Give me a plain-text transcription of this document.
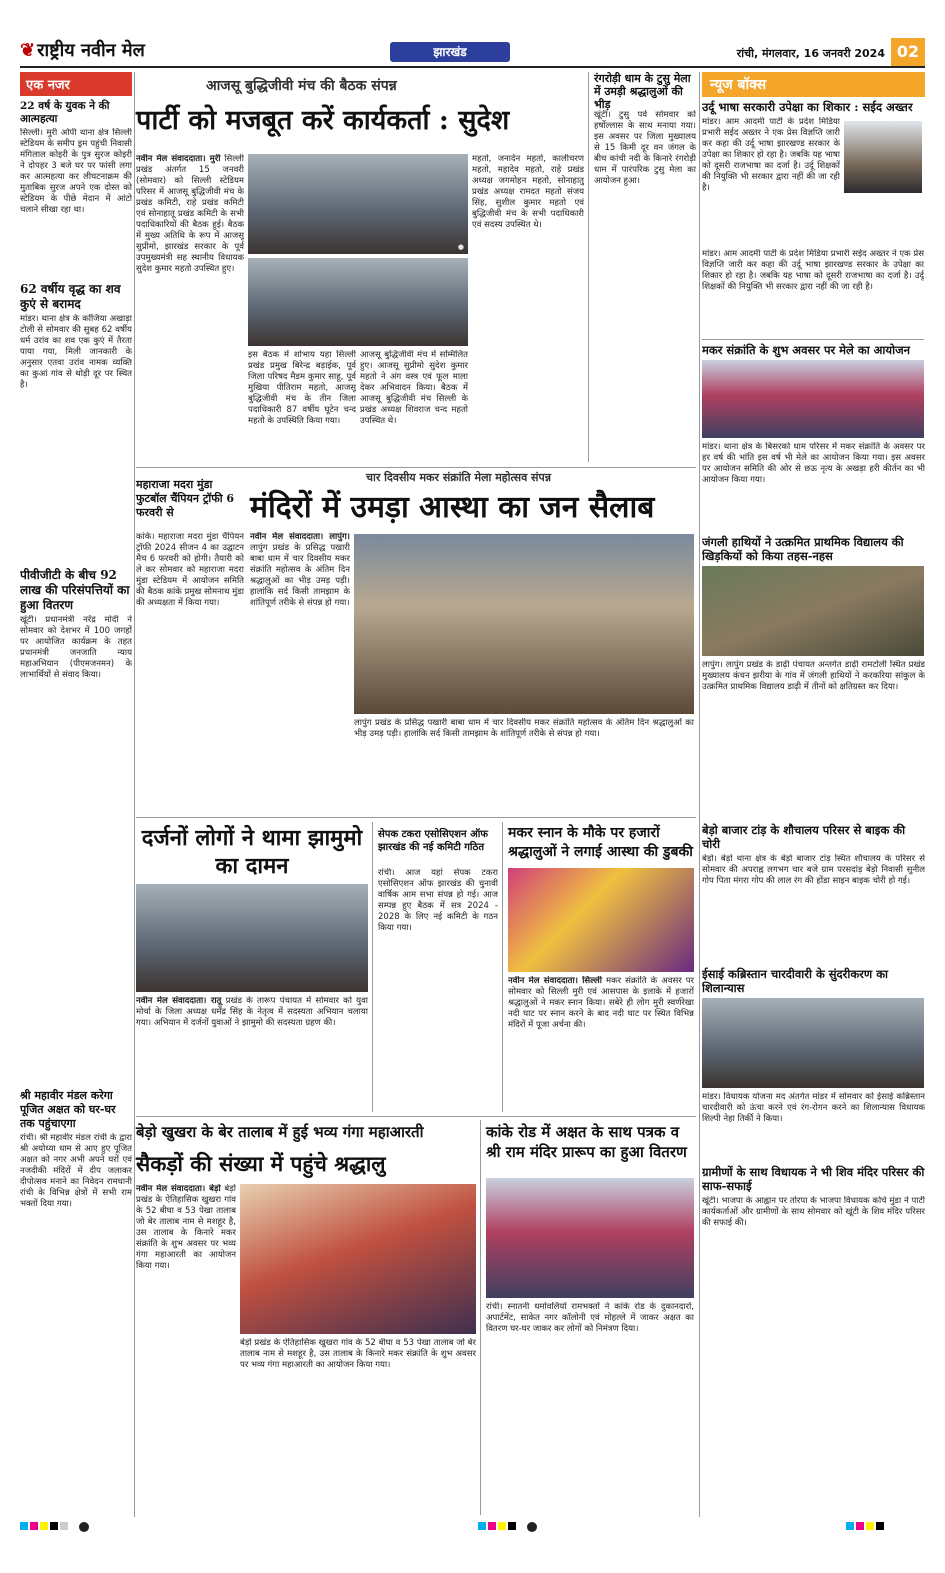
❦ राष्ट्रीय नवीन मेल	झारखंड	रांची, मंगलवार, 16 जनवरी 2024 02
एक नजर
22 वर्ष के युवक ने की आत्महत्या
सिल्ली। मुरी ओपी थाना क्षेत्र सिल्ली स्टेडियम के समीप ड्रम पहुंची निवासी मंगिलाल कोइरी के पुत्र सुरज कोइरी ने दोपहर 3 बजे घर पर फांसी लगा कर आत्महत्या कर लीघटनाक्रम की मुताबिक सुरज अपने एक दोस्त को स्टेडियम के पीछे मेदान में आंटो चलाने सीखा रहा था।
62 वर्षीय वृद्ध का शव कुएं से बरामद
मांडर। थाना क्षेत्र के कोंजिया अखाड़ा टोली से सोमवार की सुबह 62 वर्षीय धर्म उरांव का शव एक कुएं में तैरता पाया गया, मिली जानकारी के अनुसार एतवा उरांव नामक व्यक्ति का कुआं गांव से थोड़ी दूर पर स्थित है।
पीवीजीटी के बीच 92 लाख की परिसंपत्तियों का हुआ वितरण
खूंटी। प्रधानमंत्री नरेंद्र मोदी ने सोमवार को देशभर में 100 जगहों पर आयोजित कार्यक्रम के तहत प्रधानमंत्री जनजाति न्याय महाअभियान (पीएमजनमन) के लाभार्थियों से संवाद किया।
श्री महावीर मंडल करेगा पूजित अक्षत को घर-घर तक पहुंचाएगा
रांची। श्री महावीर मंडल रांची के द्वारा श्री अयोध्या धाम से आए हुए पूजित अक्षत को नगर अभी अपने घरों एवं नजदीकी मंदिरों में दीप जलाकर दीपोत्सव मनाने का निवेदन रामधानी रांची के विभिन्न क्षेत्रों में सभी राम भक्तों दिया गया।
आजसू बुद्धिजीवी मंच की बैठक संपन्न
पार्टी को मजबूत करें कार्यकर्ता : सुदेश
नवीन मेल संवाददाता। मुरी सिल्ली प्रखंड अंतर्गत 15 जनवरी (सोमवार) को सिल्ली स्टेडियम परिसर में आजसू बुद्धिजीवी मंच के प्रखंड कमिटी, राहे प्रखंड कमिटी एवं सोनाहातू प्रखंड कमिटी के सभी पदाधिकारियों की बैठक हुई। बैठक में मुख्य अतिथि के रूप में आजसू सुप्रीमो, झारखंड सरकार के पूर्व उपमुख्यमंत्री सह स्थानीय विधायक सुदेश कुमार महतो उपस्थित हुए।
●
इस बैठक में शोभाय यहा सिल्ली प्रखंड प्रमुख बिरेन्द्र बड़ाईक, पूर्व जिला परिषद मैडम कुमार साहू, पूर्व मुखिया पीतिराम महतो, आजसू बुद्धिजीवी मंच के तीन जिला पदाधिकारी 87 वर्षीय घूटेन चन्द महतो के उपस्थिति किया गया।
आजसू बुद्धिजीवी मंच में सम्मिलित हुए। आजसू सुप्रीमो सुदेश कुमार महतो ने अंग वस्त्र एवं फूल माला देकर अभिवादन किया। बैठक में आजसू बुद्धिजीवी मंच सिल्ली के प्रखंड अध्यक्ष शिवराज चन्द महतो उपस्थित थे।
महतो, जनार्दन महतो, कालीचरण महतो, महादेव महतो, राहे प्रखंड अध्यक्ष जगमोहन महतो, सोनाहातु प्रखंड अध्यक्ष रामदत महतो संजय सिंह, सुशील कुमार महतो एवं बुद्धिजीवी मंच के सभी पदाधिकारी एवं सदस्य उपस्थित थे।
रंगरोड़ी धाम के टुसु मेला में उमड़ी श्रद्धालुओं की भीड़
खूंटी। टुसु पर्व सोमवार को हर्षोल्लास के साथ मनाया गया। इस अवसर पर जिला मुख्यालय से 15 किमी दूर वन जंगल के बीच कांची नदी के किनारे रंगरोड़ी धाम में पारंपरिक टुसु मेला का आयोजन हुआ।
महाराजा मदरा मुंडा फुटबॉल चैंपियन ट्रॉफी 6 फरवरी से
कांके। महाराजा मदरा मुंडा चैंपियन ट्रॉफी 2024 सीजन 4 का उद्घाटन मैच 6 फरवरी को होगी। तैयारी को ले कर सोमवार को महाराजा मदरा मुंडा स्टेडियम में आयोजन समिति की बैठक कांके प्रमुख सोमनाथ मुंडा की अध्यक्षता में किया गया।
चार दिवसीय मकर संक्रांति मेला महोत्सव संपन्न
मंदिरों में उमड़ा आस्था का जन सैलाब
नवीन मेल संवाददाता। लापुंग। लापुंग प्रखंड के प्रसिद्ध पखारी बाबा धाम में चार दिवसीय मकर संक्रांति महोत्सव के अंतिम दिन श्रद्धालुओं का भीड़ उमड़ पड़ी। हालांकि सर्द किसी तामझाम के शांतिपूर्ण तरीके से संपन्न हो गया।
लापुंग प्रखंड के प्रसिद्ध पखारी बाबा धाम में चार दिवसीय मकर संक्रांति महोत्सव के अंतिम दिन श्रद्धालुओं का भीड़ उमड़ पड़ी। हालांकि सर्द किसी तामझाम के शांतिपूर्ण तरीके से संपन्न हो गया।
दर्जनों लोगों ने थामा झामुमो का दामन
नवीन मेल संवाददाता। रातू प्रखंड के तारूप पंचायत में सोमवार को युवा मोर्चा के जिला अध्यक्ष धर्मेंद्र सिंह के नेतृत्व में सदस्यता अभियान चलाया गया। अभियान में दर्जनों युवाओं ने झामुमो की सदस्यता ग्रहण की।
सेपक टकरा एसोसिएशन ऑफ झारखंड की नई कमिटी गठित
रांची। आज यहां सेपक टकरा एसोसिएशन ऑफ झारखंड की चुनावी वार्षिक आम सभा संपन्न हो गई। आज सम्पन्न हुए बैठक में सत्र 2024 - 2028 के लिए नई कमिटी के गठन किया गया।
मकर स्नान के मौके पर हजारों श्रद्धालुओं ने लगाई आस्था की डुबकी
नवीन मेल संवाददाता। सिल्ली मकर संक्रांति के अवसर पर सोमवार को सिल्ली मुरी एवं आसपास के इलाके में हजारों श्रद्धालुओं ने मकर स्नान किया। सबेरे ही लोग मुरी स्वर्णरेखा नदी घाट पर स्नान करने के बाद नदी घाट पर स्थित विभिन्न मंदिरों में पूजा अर्चना की।
बेड़ो खुखरा के बेर तालाब में हुई भव्य गंगा महाआरती
सैकड़ों की संख्या में पहुंचे श्रद्धालु
नवीन मेल संवाददाता। बेड़ो बेड़ो प्रखंड के ऐतिहासिक खुखरा गांव के 52 बीघा व 53 पेखा तालाब जो बेर तालाब नाम से मशहूर है, उस तालाब के किनारे मकर संक्रांति के शुभ अवसर पर भव्य गंगा महाआरती का आयोजन किया गया।
बेड़ो प्रखंड के ऐतिहासिक खुखरा गांव के 52 बीघा व 53 पेखा तालाब जो बेर तालाब नाम से मशहूर है, उस तालाब के किनारे मकर संक्रांति के शुभ अवसर पर भव्य गंगा महाआरती का आयोजन किया गया।
कांके रोड में अक्षत के साथ पत्रक व श्री राम मंदिर प्रारूप का हुआ वितरण
रांची। स्नातनी धर्मावलियों रामभक्तों ने कांके रोड के दुकानदारों, अपार्टमेंट, साकेत नगर कॉलोनी एवं मोहल्ले में जाकर अक्षत का वितरण घर-घर जाकर कर लोगों को निमंत्रण दिया।
न्यूज बॉक्स
उर्दू भाषा सरकारी उपेक्षा का शिकार : सईद अख्तर
मांडर। आम आदमी पार्टी के प्रदेश मिडिया प्रभारी सईद अख्तर ने एक प्रेस विज्ञप्ति जारी कर कहा की उर्दू भाषा झारखण्ड सरकार के उपेक्षा का शिकार हो रहा है। जबकि यह भाषा को दूसरी राजभाषा का दर्जा है। उर्दू शिक्षकों की नियुक्ति भी सरकार द्वारा नहीं की जा रही है।
मांडर। आम आदमी पार्टी के प्रदेश मिडिया प्रभारी सईद अख्तर ने एक प्रेस विज्ञप्ति जारी कर कहा की उर्दू भाषा झारखण्ड सरकार के उपेक्षा का शिकार हो रहा है। जबकि यह भाषा को दूसरी राजभाषा का दर्जा है। उर्दू शिक्षकों की नियुक्ति भी सरकार द्वारा नहीं की जा रही है।
मकर संक्रांति के शुभ अवसर पर मेले का आयोजन
मांडर। थाना क्षेत्र के बिसरको धाम परिसर में मकर संक्रांति के अवसर पर हर वर्ष की भांति इस वर्ष भी मेले का आयोजन किया गया। इस अवसर पर आयोजन समिति की ओर से छऊ नृत्य के अखड़ा हरी कीर्तन का भी आयोजन किया गया।
जंगली हाथियों ने उत्क्रमित प्राथमिक विद्यालय की खिड़कियों को किया तहस-नहस
लापुंग। लापुंग प्रखंड के डाढ़ी पंचायत अन्तर्गत डाढ़ी रामटोली स्थित प्रखंड मुख्यालय कंचन झरीया के गांव में जंगली हाथियों ने करकरिया सांकुल के उत्क्रमित प्राथमिक विद्यालय डाढ़ी में तीनों को क्षतिग्रस्त कर दिया।
बेड़ो बाजार टांड़ के शौचालय परिसर से बाइक की चोरी
बेड़ो। बेड़ो थाना क्षेत्र के बेड़ो बाजार टांड़ स्थित शौचालय के परिसर से सोमवार की अपराह्न लगभग चार बजे ग्राम परसदांड़ बेड़ो निवासी सुनील गोप पिता मंगरा गोप की लाल रंग की होंडा साइन बाइक चोरी हो गई।
ईसाई कब्रिस्तान चारदीवारी के सुंदरीकरण का शिलान्यास
मांडर। विधायक योजना मद अंतर्गत मांडर में सोमवार को ईसाई कब्रिस्तान चारदीवारी को ऊंचा करने एवं रंग-रोगन करने का शिलान्यास विधायक शिल्पी नेहा तिर्की ने किया।
ग्रामीणों के साथ विधायक ने भी शिव मंदिर परिसर की साफ-सफाई
खूंटी। भाजपा के आह्वान पर तोरपा के भाजपा विधायक कोचे मुंडा ने पार्टी कार्यकर्ताओं और ग्रामीणों के साथ सोमवार को खूंटी के शिव मंदिर परिसर की सफाई की।
